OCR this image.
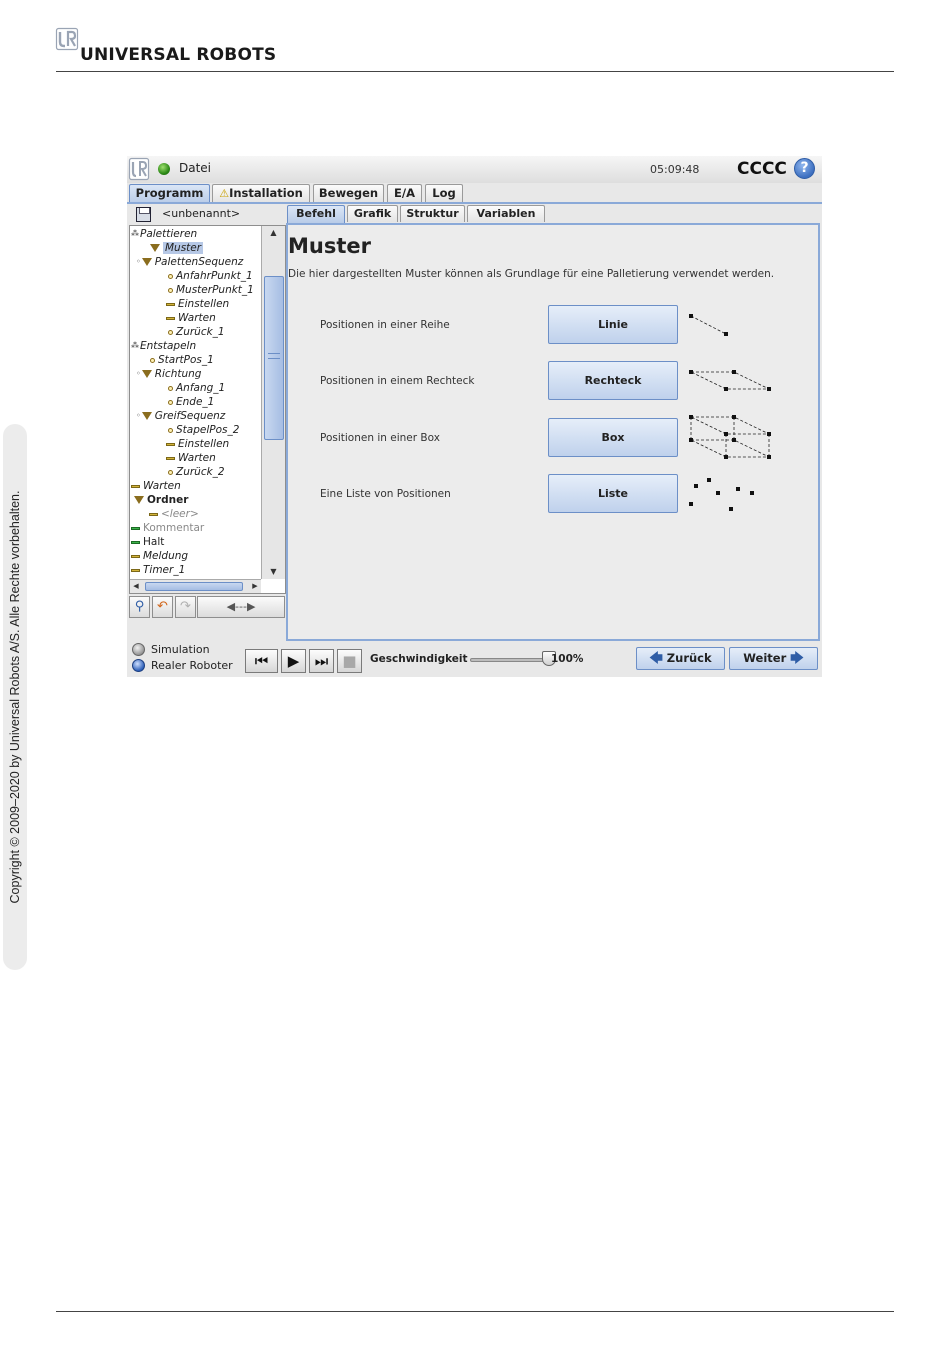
UNIVERSAL ROBOTS
Copyright © 2009–2020 by Universal Robots A/S. Alle Rechte vorbehalten.
Datei	05:09:48 CCCC ?
Programm	⚠Installation	Bewegen	E/A	Log
<unbenannt>
⁂Palettieren
Muster
◦ PalettenSequenz
AnfahrPunkt_1
MusterPunkt_1
Einstellen
Warten
Zurück_1
⁂Entstapeln
StartPos_1
◦ Richtung
Anfang_1
Ende_1
◦ GreifSequenz
StapelPos_2
Einstellen
Warten
Zurück_2
Warten
Ordner
<leer>
Kommentar
Halt
Meldung
Timer_1
▲
▼
◀	▶
⚲ ↶ ↷	◀---▶
Befehl	Grafik	Struktur	Variablen
Muster
Die hier dargestellten Muster können als Grundlage für eine Palletierung verwendet werden.
Positionen in einer Reihe	Linie
Positionen in einem Rechteck	Rechteck
Positionen in einer Box	Box
Eine Liste von Positionen	Liste
Simulation
Realer Roboter	⏮	▶	⏭ ■	Geschwindigkeit	100%	🡄 Zurück	Weiter 🡆
